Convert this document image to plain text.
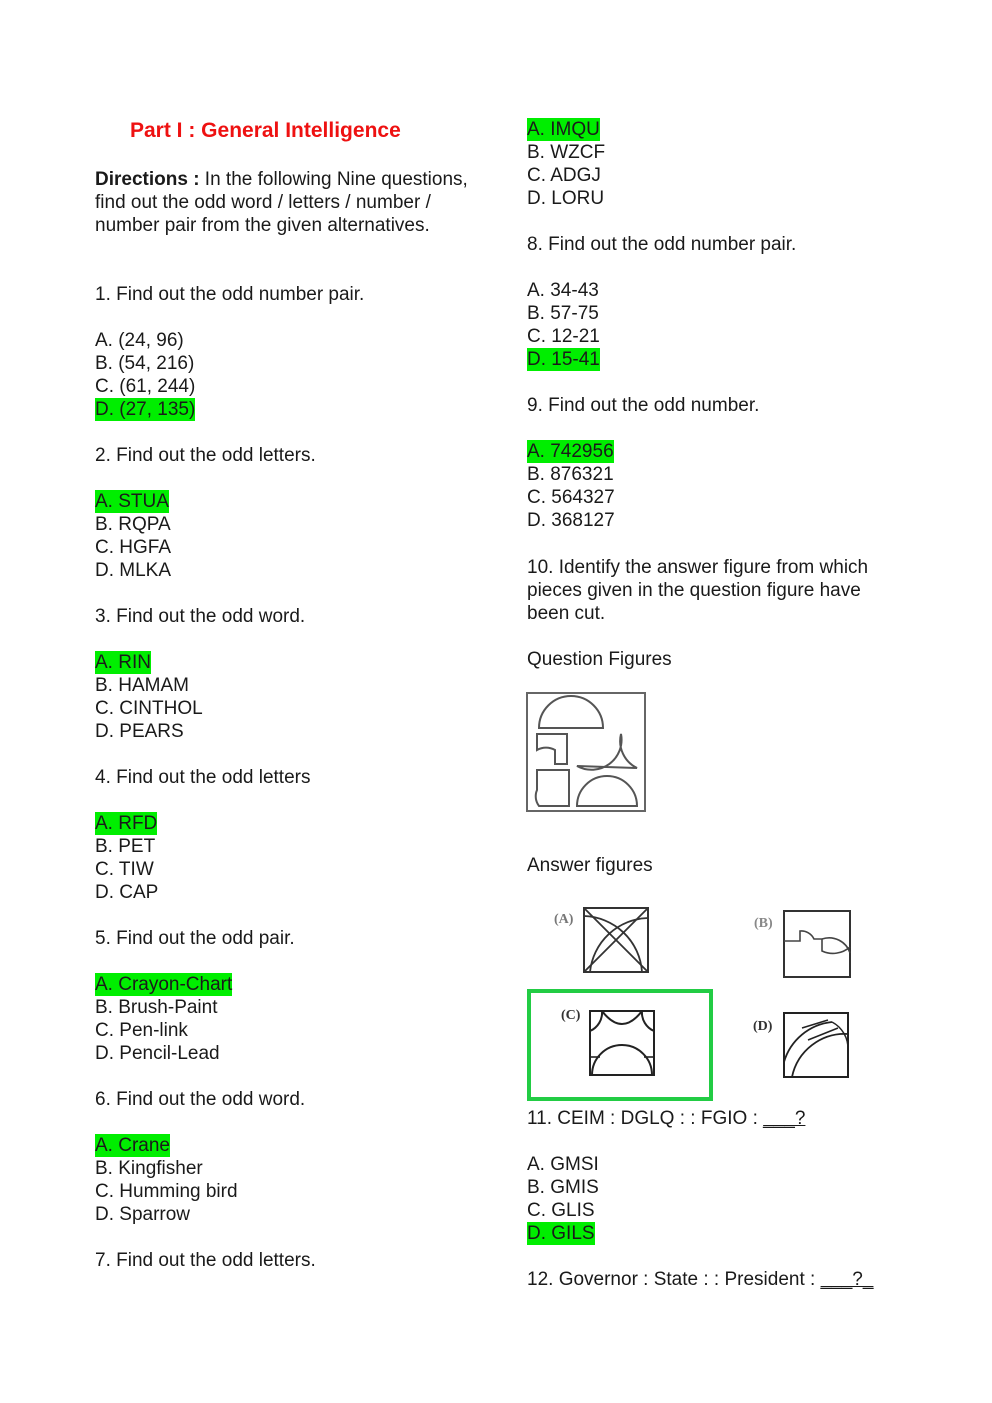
Part I : General Intelligence
Directions : In the following Nine questions, find out the odd word / letters / number / number pair from the given alternatives.
1. Find out the odd number pair.
A. (24, 96)
B. (54, 216)
C. (61, 244)
D. (27, 135)
2. Find out the odd letters.
A. STUA
B. RQPA
C. HGFA
D. MLKA
3. Find out the odd word.
A. RIN
B. HAMAM
C. CINTHOL
D. PEARS
4. Find out the odd letters
A. RFD
B. PET
C. TIW
D. CAP
5. Find out the odd pair.
A. Crayon-Chart
B. Brush-Paint
C. Pen-link
D. Pencil-Lead
6. Find out the odd word.
A. Crane
B. Kingfisher
C. Humming bird
D. Sparrow
7. Find out the odd letters.
A. IMQU
B. WZCF
C. ADGJ
D. LORU
8. Find out the odd number pair.
A. 34-43
B. 57-75
C. 12-21
D. 15-41
9. Find out the odd number.
A. 742956
B. 876321
C. 564327
D. 368127
10. Identify the answer figure from which pieces given in the question figure have been cut.
Question Figures
Answer figures
(A)	(B)
(C)
(D)
11. CEIM : DGLQ : : FGIO : ___?
A. GMSI
B. GMIS
C. GLIS
D. GILS
12. Governor : State : : President : ___?_
